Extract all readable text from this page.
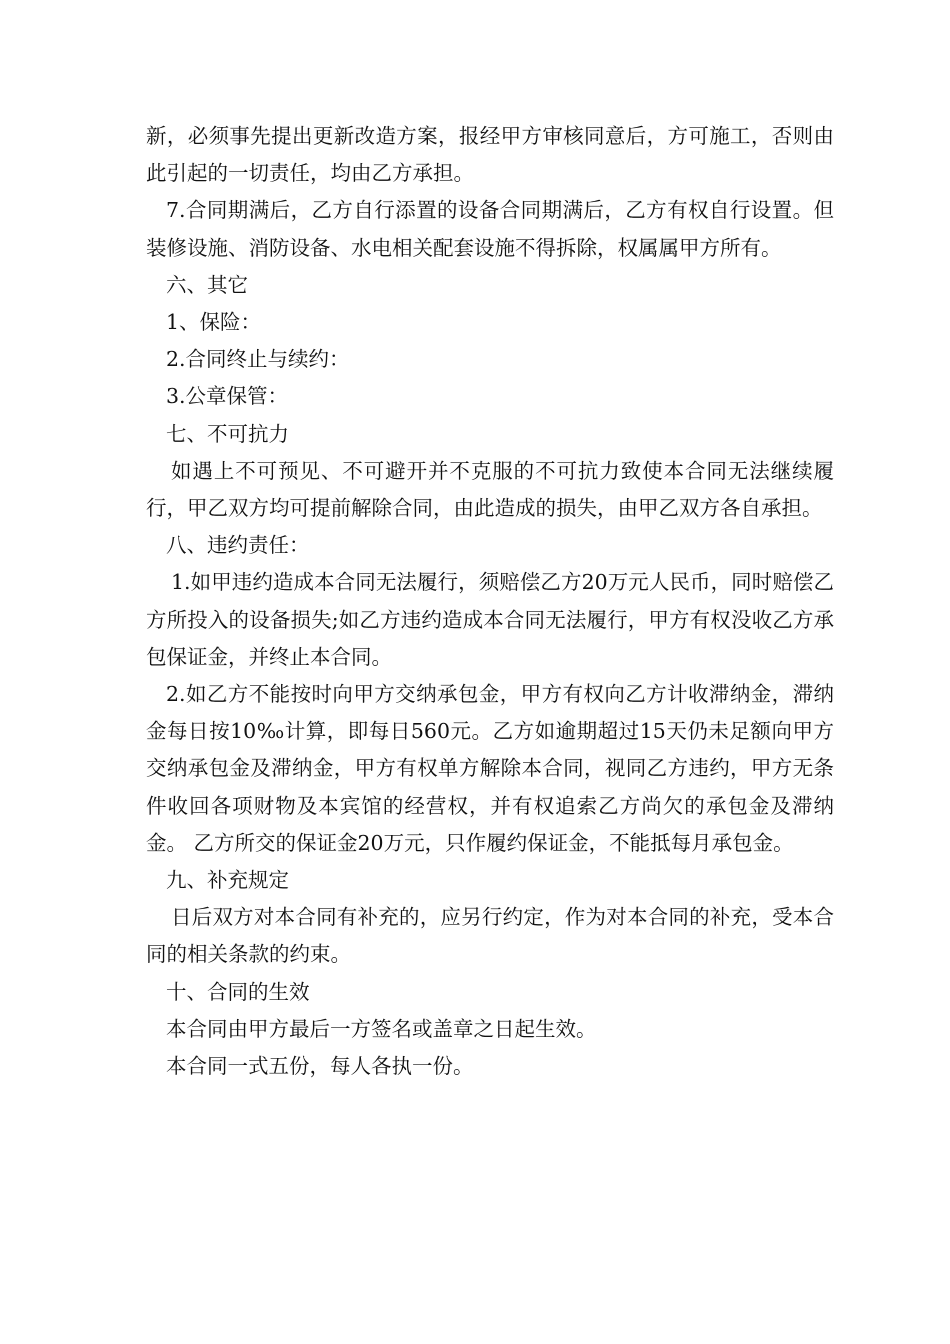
新，必须事先提出更新改造方案，报经甲方审核同意后，方可施工，否则由此引起的一切责任，均由乙方承担。

7.合同期满后，乙方自行添置的设备合同期满后，乙方有权自行设置。但装修设施、消防设备、水电相关配套设施不得拆除，权属属甲方所有。

六、其它

1、保险：

2.合同终止与续约：

3.公章保管：

七、不可抗力

如遇上不可预见、不可避开并不克服的不可抗力致使本合同无法继续履行，甲乙双方均可提前解除合同，由此造成的损失，由甲乙双方各自承担。

八、违约责任：

1.如甲违约造成本合同无法履行，须赔偿乙方20万元人民币，同时赔偿乙方所投入的设备损失;如乙方违约造成本合同无法履行，甲方有权没收乙方承包保证金，并终止本合同。

2.如乙方不能按时向甲方交纳承包金，甲方有权向乙方计收滞纳金，滞纳金每日按10‰计算，即每日560元。乙方如逾期超过15天仍未足额向甲方交纳承包金及滞纳金，甲方有权单方解除本合同，视同乙方违约，甲方无条件收回各项财物及本宾馆的经营权，并有权追索乙方尚欠的承包金及滞纳金。 乙方所交的保证金20万元，只作履约保证金，不能抵每月承包金。

九、补充规定

日后双方对本合同有补充的，应另行约定，作为对本合同的补充，受本合同的相关条款的约束。

十、合同的生效

本合同由甲方最后一方签名或盖章之日起生效。

本合同一式五份，每人各执一份。
